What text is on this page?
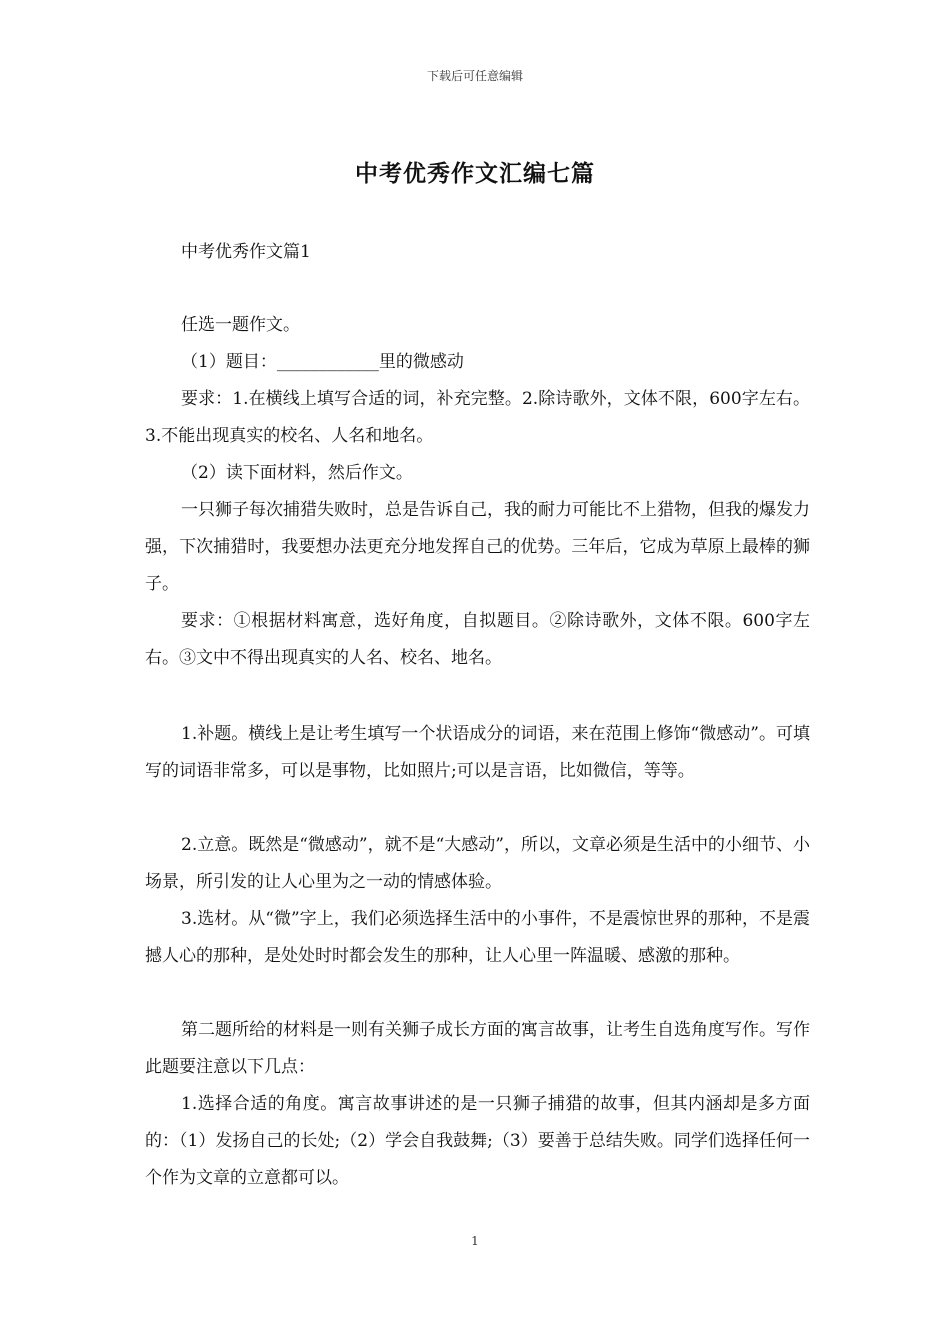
下载后可任意编辑
中考优秀作文汇编七篇

中考优秀作文篇1

任选一题作文。

（1）题目：____________里的微感动

要求：1.在横线上填写合适的词，补充完整。2.除诗歌外，文体不限，600字左右。3.不能出现真实的校名、人名和地名。

（2）读下面材料，然后作文。

一只狮子每次捕猎失败时，总是告诉自己，我的耐力可能比不上猎物，但我的爆发力强，下次捕猎时，我要想办法更充分地发挥自己的优势。三年后，它成为草原上最棒的狮子。

要求：①根据材料寓意，选好角度，自拟题目。②除诗歌外，文体不限。600字左右。③文中不得出现真实的人名、校名、地名。

1.补题。横线上是让考生填写一个状语成分的词语，来在范围上修饰“微感动”。可填写的词语非常多，可以是事物，比如照片;可以是言语，比如微信，等等。

2.立意。既然是“微感动”，就不是“大感动”，所以，文章必须是生活中的小细节、小场景，所引发的让人心里为之一动的情感体验。

3.选材。从“微”字上，我们必须选择生活中的小事件，不是震惊世界的那种，不是震撼人心的那种，是处处时时都会发生的那种，让人心里一阵温暖、感激的那种。

第二题所给的材料是一则有关狮子成长方面的寓言故事，让考生自选角度写作。写作此题要注意以下几点：

1.选择合适的角度。寓言故事讲述的是一只狮子捕猎的故事，但其内涵却是多方面的：（1）发扬自己的长处;（2）学会自我鼓舞;（3）要善于总结失败。同学们选择任何一个作为文章的立意都可以。

1
